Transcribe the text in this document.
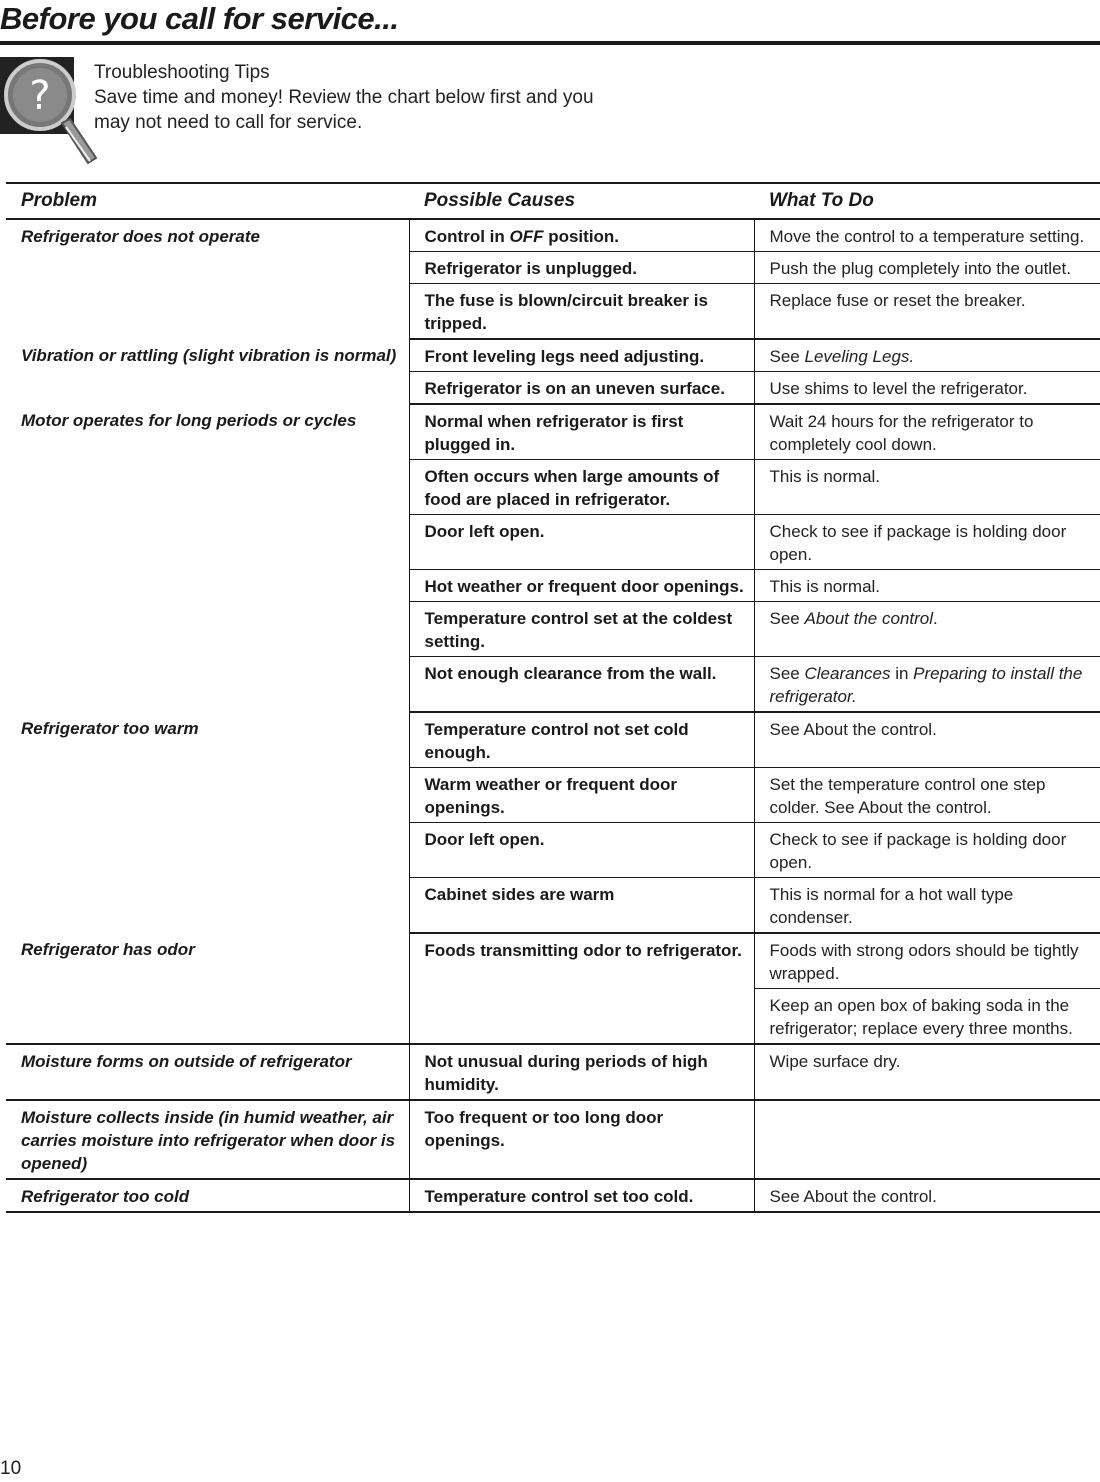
Before you call for service...
?
Troubleshooting Tips
Save time and money! Review the chart below first and you
may not need to call for service.
Problem	Possible Causes	What To Do
Refrigerator does not operate	Control in OFF position.	Move the control to a temperature setting.
	Refrigerator is unplugged.	Push the plug completely into the outlet.
	The fuse is blown/circuit breaker is tripped.	Replace fuse or reset the breaker.
Vibration or rattling (slight vibration is normal)	Front leveling legs need adjusting.	See Leveling Legs.
	Refrigerator is on an uneven surface.	Use shims to level the refrigerator.
Motor operates for long periods or cycles	Normal when refrigerator is first plugged in.	Wait 24 hours for the refrigerator to completely cool down.
	Often occurs when large amounts of food are placed in refrigerator.	This is normal.
	Door left open.	Check to see if package is holding door open.
	Hot weather or frequent door openings.	This is normal.
	Temperature control set at the coldest setting.	See About the control.
	Not enough clearance from the wall.	See Clearances in Preparing to install the refrigerator.
Refrigerator too warm	Temperature control not set cold enough.	See About the control.
	Warm weather or frequent door openings.	Set the temperature control one step colder. See About the control.
	Door left open.	Check to see if package is holding door open.
	Cabinet sides are warm	This is normal for a hot wall type condenser.
Refrigerator has odor	Foods transmitting odor to refrigerator.	Foods with strong odors should be tightly wrapped.
		Keep an open box of baking soda in the refrigerator; replace every three months.
Moisture forms on outside of refrigerator	Not unusual during periods of high humidity.	Wipe surface dry.
Moisture collects inside (in humid weather, air carries moisture into refrigerator when door is opened)	Too frequent or too long door openings.	
Refrigerator too cold	Temperature control set too cold.	See About the control.
10
